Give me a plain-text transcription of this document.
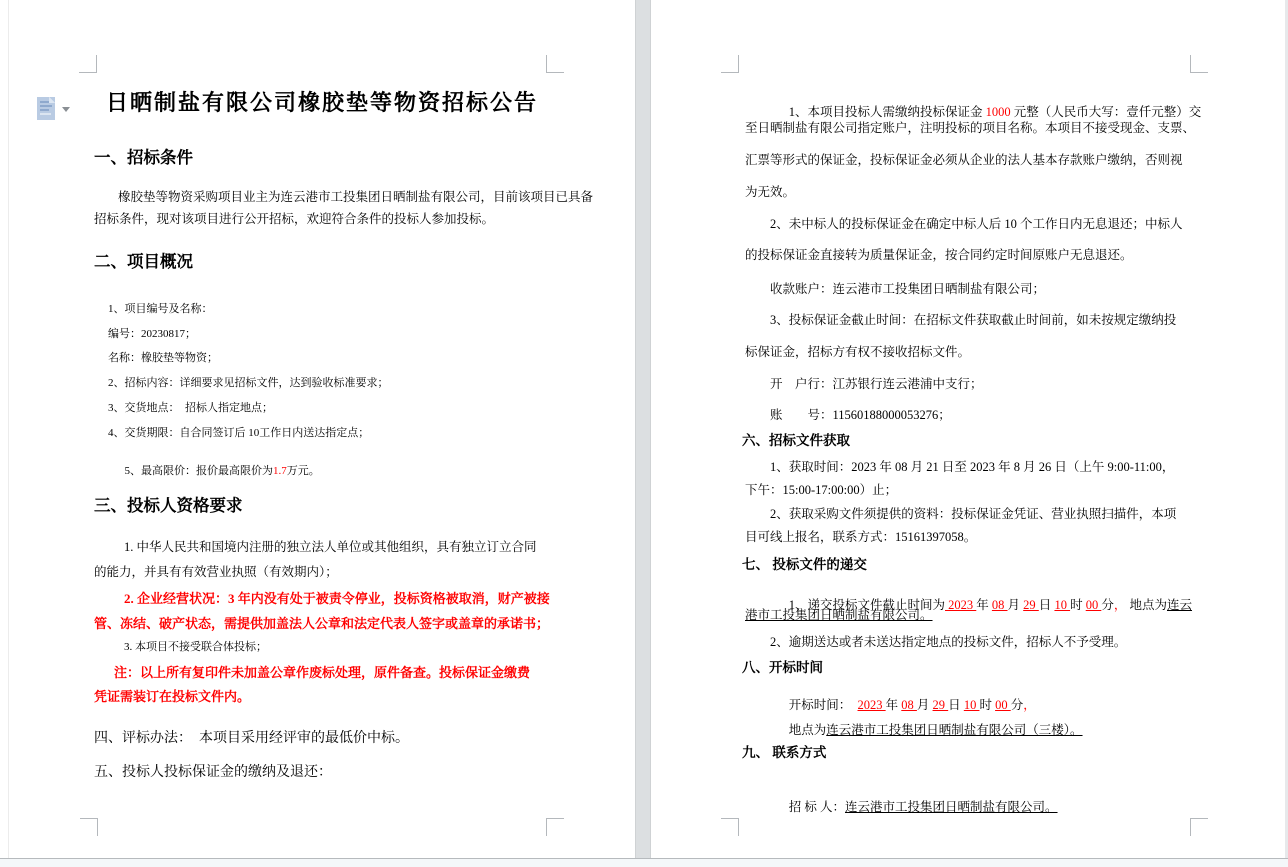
日晒制盐有限公司橡胶垫等物资招标公告
一、招标条件
橡胶垫等物资采购项目业主为连云港市工投集团日晒制盐有限公司，目前该项目已具备
招标条件，现对该项目进行公开招标，欢迎符合条件的投标人参加投标。
二、项目概况
1、项目编号及名称：
编号：20230817；
名称：橡胶垫等物资；
2、招标内容：详细要求见招标文件，达到验收标准要求；
3、交货地点：  招标人指定地点；
4、交货期限：自合同签订后 10工作日内送达指定点；

5、最高限价：报价最高限价为1.7万元。

三、投标人资格要求
1. 中华人民共和国境内注册的独立法人单位或其他组织，具有独立订立合同
的能力，并具有有效营业执照（有效期内）；
2. 企业经营状况：3 年内没有处于被责令停业，投标资格被取消，财产被接
管、冻结、破产状态，需提供加盖法人公章和法定代表人签字或盖章的承诺书；
3. 本项目不接受联合体投标；
注：以上所有复印件未加盖公章作废标处理，原件备查。投标保证金缴费
凭证需装订在投标文件内。
四、评标办法：  本项目采用经评审的最低价中标。
五、投标人投标保证金的缴纳及退还：

1、本项目投标人需缴纳投标保证金 1000 元整（人民币大写：壹仟元整）交

至日晒制盐有限公司指定账户，注明投标的项目名称。本项目不接受现金、支票、
汇票等形式的保证金，投标保证金必须从企业的法人基本存款账户缴纳，否则视
为无效。
2、未中标人的投标保证金在确定中标人后 10 个工作日内无息退还；中标人
的投标保证金直接转为质量保证金，按合同约定时间原账户无息退还。
收款账户：连云港市工投集团日晒制盐有限公司；
3、投标保证金截止时间：在招标文件获取截止时间前，如未按规定缴纳投
标保证金，招标方有权不接收招标文件。
开　户行：江苏银行连云港浦中支行；
账　　号：11560188000053276；
六、招标文件获取
1、获取时间：2023 年 08 月 21 日至 2023 年 8 月 26 日（上午 9:00-11:00，
下午：15:00-17:00:00）止；
2、获取采购文件须提供的资料：投标保证金凭证、营业执照扫描件，本项
目可线上报名，联系方式：15161397058。
七、 投标文件的递交

1、递交投标文件截止时间为 2023 年 08 月 29 日 10 时 00 分， 地点为连云

港市工投集团日晒制盐有限公司。
2、逾期送达或者未送达指定地点的投标文件，招标人不予受理。
八、开标时间

开标时间：  2023 年 08 月 29 日 10 时 00 分，

地点为连云港市工投集团日晒制盐有限公司（三楼）。

九、 联系方式

招 标 人：连云港市工投集团日晒制盐有限公司。
